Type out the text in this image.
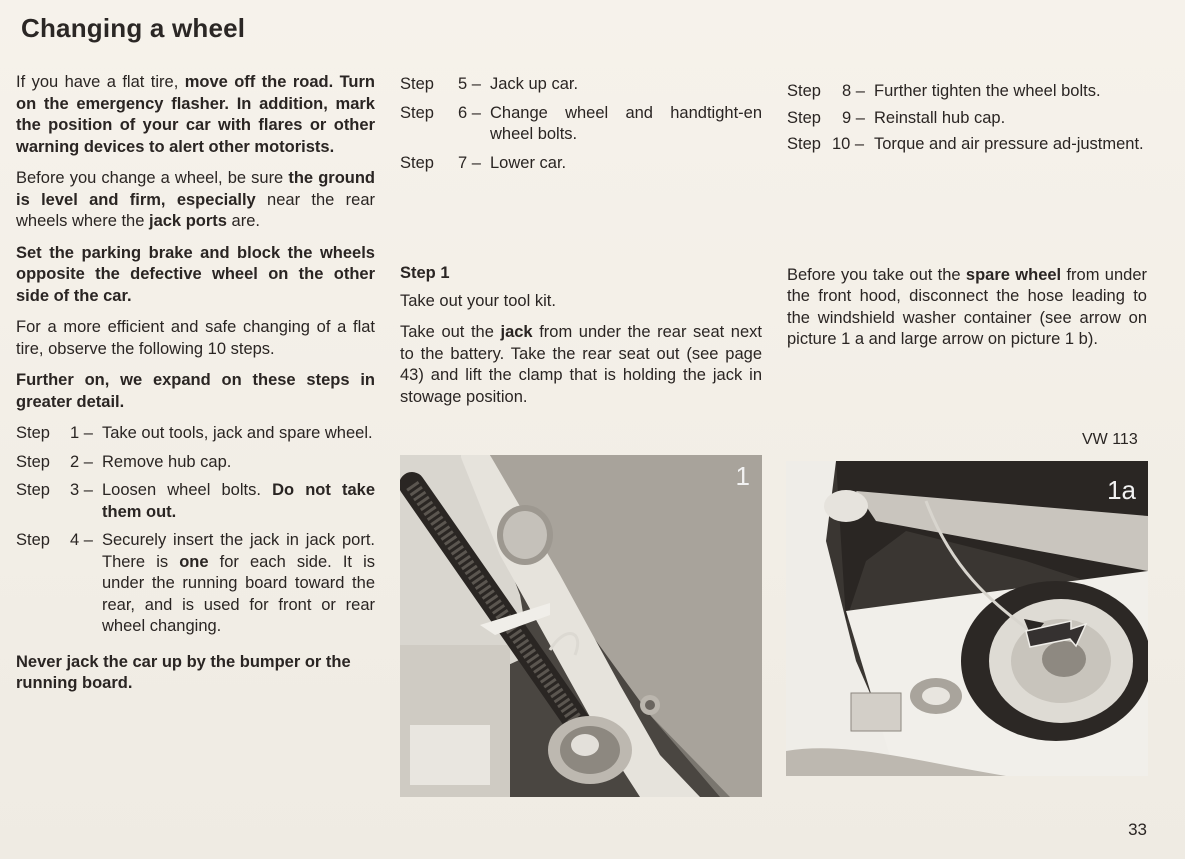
Changing a wheel

If you have a flat tire, move off the road. Turn on the emergency flasher. In addition, mark the position of your car with flares or other warning devices to alert other motorists.

Before you change a wheel, be sure the ground is level and firm, especially near the rear wheels where the jack ports are.

Set the parking brake and block the wheels opposite the defective wheel on the other side of the car.

For a more efficient and safe changing of a flat tire, observe the following 10 steps.

Further on, we expand on these steps in greater detail.

Step	1 – Take out tools, jack and spare wheel.
Step	2 – Remove hub cap.
Step	3 – Loosen wheel bolts. Do not take them out.
Step	4 – Securely insert the jack in jack port. There is one for each side. It is under the running board toward the rear, and is used for front or rear wheel changing.

Never jack the car up by the bumper or the running board.

Step	5 – Jack up car.
Step	6 – Change wheel and handtight-en wheel bolts.
Step	7 – Lower car.
Step 1

Take out your tool kit.

Take out the jack from under the rear seat next to the battery. Take the rear seat out (see page 43) and lift the clamp that is holding the jack in stowage position.

Step	8 – Further tighten the wheel bolts.
Step	9 – Reinstall hub cap.
Step 10 – Torque and air pressure ad-justment.

Before you take out the spare wheel from under the front hood, disconnect the hose leading to the windshield washer container (see arrow on picture 1 a and large arrow on picture 1 b).

VW 113
1	1a
33
